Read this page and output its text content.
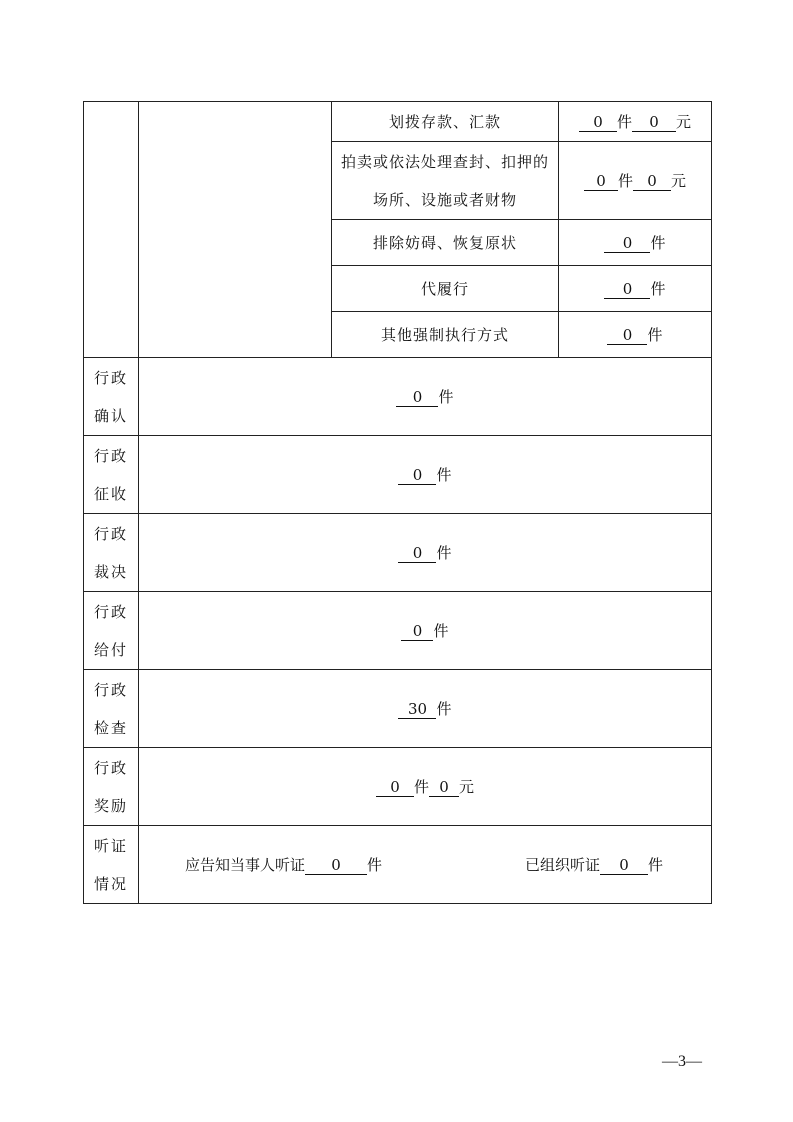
		划拨存款、汇款	0 件 0 元
		拍卖或依法处理查封、扣押的场所、设施或者财物	0 件 0 元
		排除妨碍、恢复原状	0 件
		代履行	0 件
		其他强制执行方式	0 件
行政
确认	0 件		
行政
征收	0 件		
行政
裁决	0 件		
行政
给付	0 件		
行政
检查	30 件		
行政
奖励	0 件 0 元		
听证
情况	应告知当事人听证 0 件 已组织听证 0 件		
—3—
